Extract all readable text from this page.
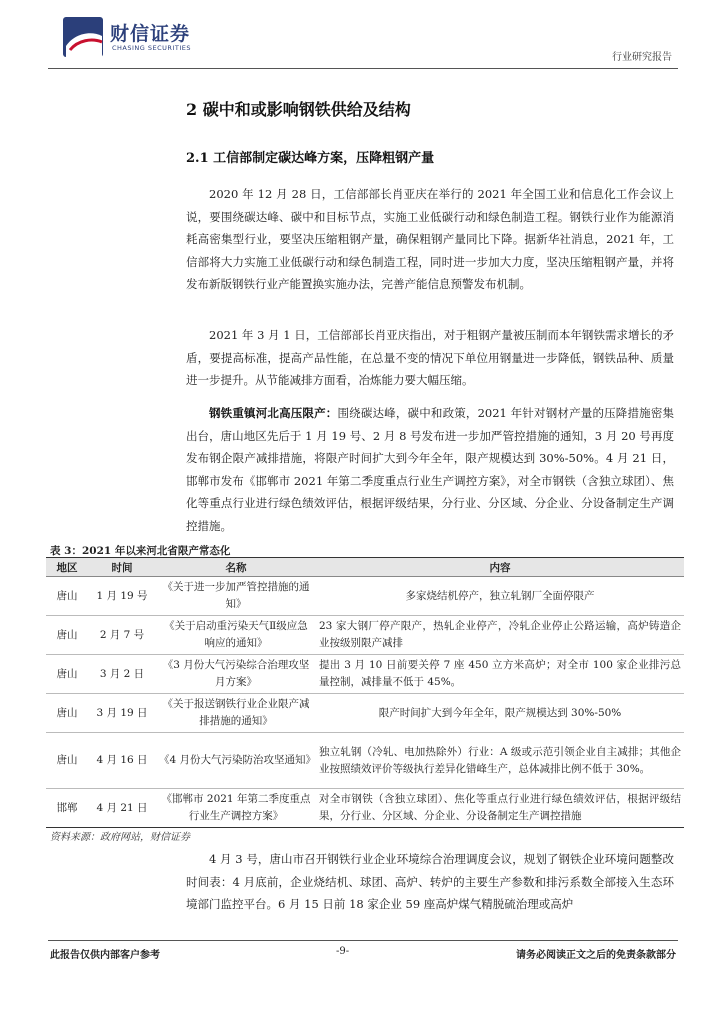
财信证券
CHASING SECURITIES
行业研究报告
2 碳中和或影响钢铁供给及结构
2.1 工信部制定碳达峰方案，压降粗钢产量

2020 年 12 月 28 日，工信部部长肖亚庆在举行的 2021 年全国工业和信息化工作会议上说，要围绕碳达峰、碳中和目标节点，实施工业低碳行动和绿色制造工程。钢铁行业作为能源消耗高密集型行业，要坚决压缩粗钢产量，确保粗钢产量同比下降。据新华社消息，2021 年，工信部将大力实施工业低碳行动和绿色制造工程，同时进一步加大力度，坚决压缩粗钢产量，并将发布新版钢铁行业产能置换实施办法，完善产能信息预警发布机制。

2021 年 3 月 1 日，工信部部长肖亚庆指出，对于粗钢产量被压制而本年钢铁需求增长的矛盾，要提高标准，提高产品性能，在总量不变的情况下单位用钢量进一步降低，钢铁品种、质量进一步提升。从节能减排方面看，冶炼能力要大幅压缩。

钢铁重镇河北高压限产：围绕碳达峰，碳中和政策，2021 年针对钢材产量的压降措施密集出台，唐山地区先后于 1 月 19 号、2 月 8 号发布进一步加严管控措施的通知，3 月 20 号再度发布钢企限产减排措施，将限产时间扩大到今年全年，限产规模达到 30%-50%。4 月 21 日，邯郸市发布《邯郸市 2021 年第二季度重点行业生产调控方案》，对全市钢铁（含独立球团）、焦化等重点行业进行绿色绩效评估，根据评级结果，分行业、分区域、分企业、分设备制定生产调控措施。

表 3：2021 年以来河北省限产常态化
地区	时间	名称	内容
唐山	1 月 19 号	《关于进一步加严管控措施的通知》	多家烧结机停产，独立轧钢厂全面停限产
唐山	2 月 7 号	《关于启动重污染天气Ⅱ级应急响应的通知》	23 家大钢厂停产限产，热轧企业停产，冷轧企业停止公路运输，高炉铸造企业按级别限产减排
唐山	3 月 2 日	《3 月份大气污染综合治理攻坚月方案》	提出 3 月 10 日前要关停 7 座 450 立方米高炉；对全市 100 家企业排污总量控制，减排量不低于 45%。
唐山	3 月 19 日	《关于报送钢铁行业企业限产减排措施的通知》	限产时间扩大到今年全年，限产规模达到 30%-50%
唐山	4 月 16 日	《4 月份大气污染防治攻坚通知》	独立轧钢（冷轧、电加热除外）行业：A 级或示范引领企业自主减排；其他企业按照绩效评价等级执行差异化错峰生产，总体减排比例不低于 30%。
邯郸	4 月 21 日	《邯郸市 2021 年第二季度重点行业生产调控方案》	对全市钢铁（含独立球团）、焦化等重点行业进行绿色绩效评估，根据评级结果，分行业、分区域、分企业、分设备制定生产调控措施
资料来源：政府网站，财信证券

4 月 3 号，唐山市召开钢铁行业企业环境综合治理调度会议，规划了钢铁企业环境问题整改时间表：4 月底前，企业烧结机、球团、高炉、转炉的主要生产参数和排污系数全部接入生态环境部门监控平台。6 月 15 日前 18 家企业 59 座高炉煤气精脱硫治理或高炉

此报告仅供内部客户参考	-9-	请务必阅读正文之后的免责条款部分
